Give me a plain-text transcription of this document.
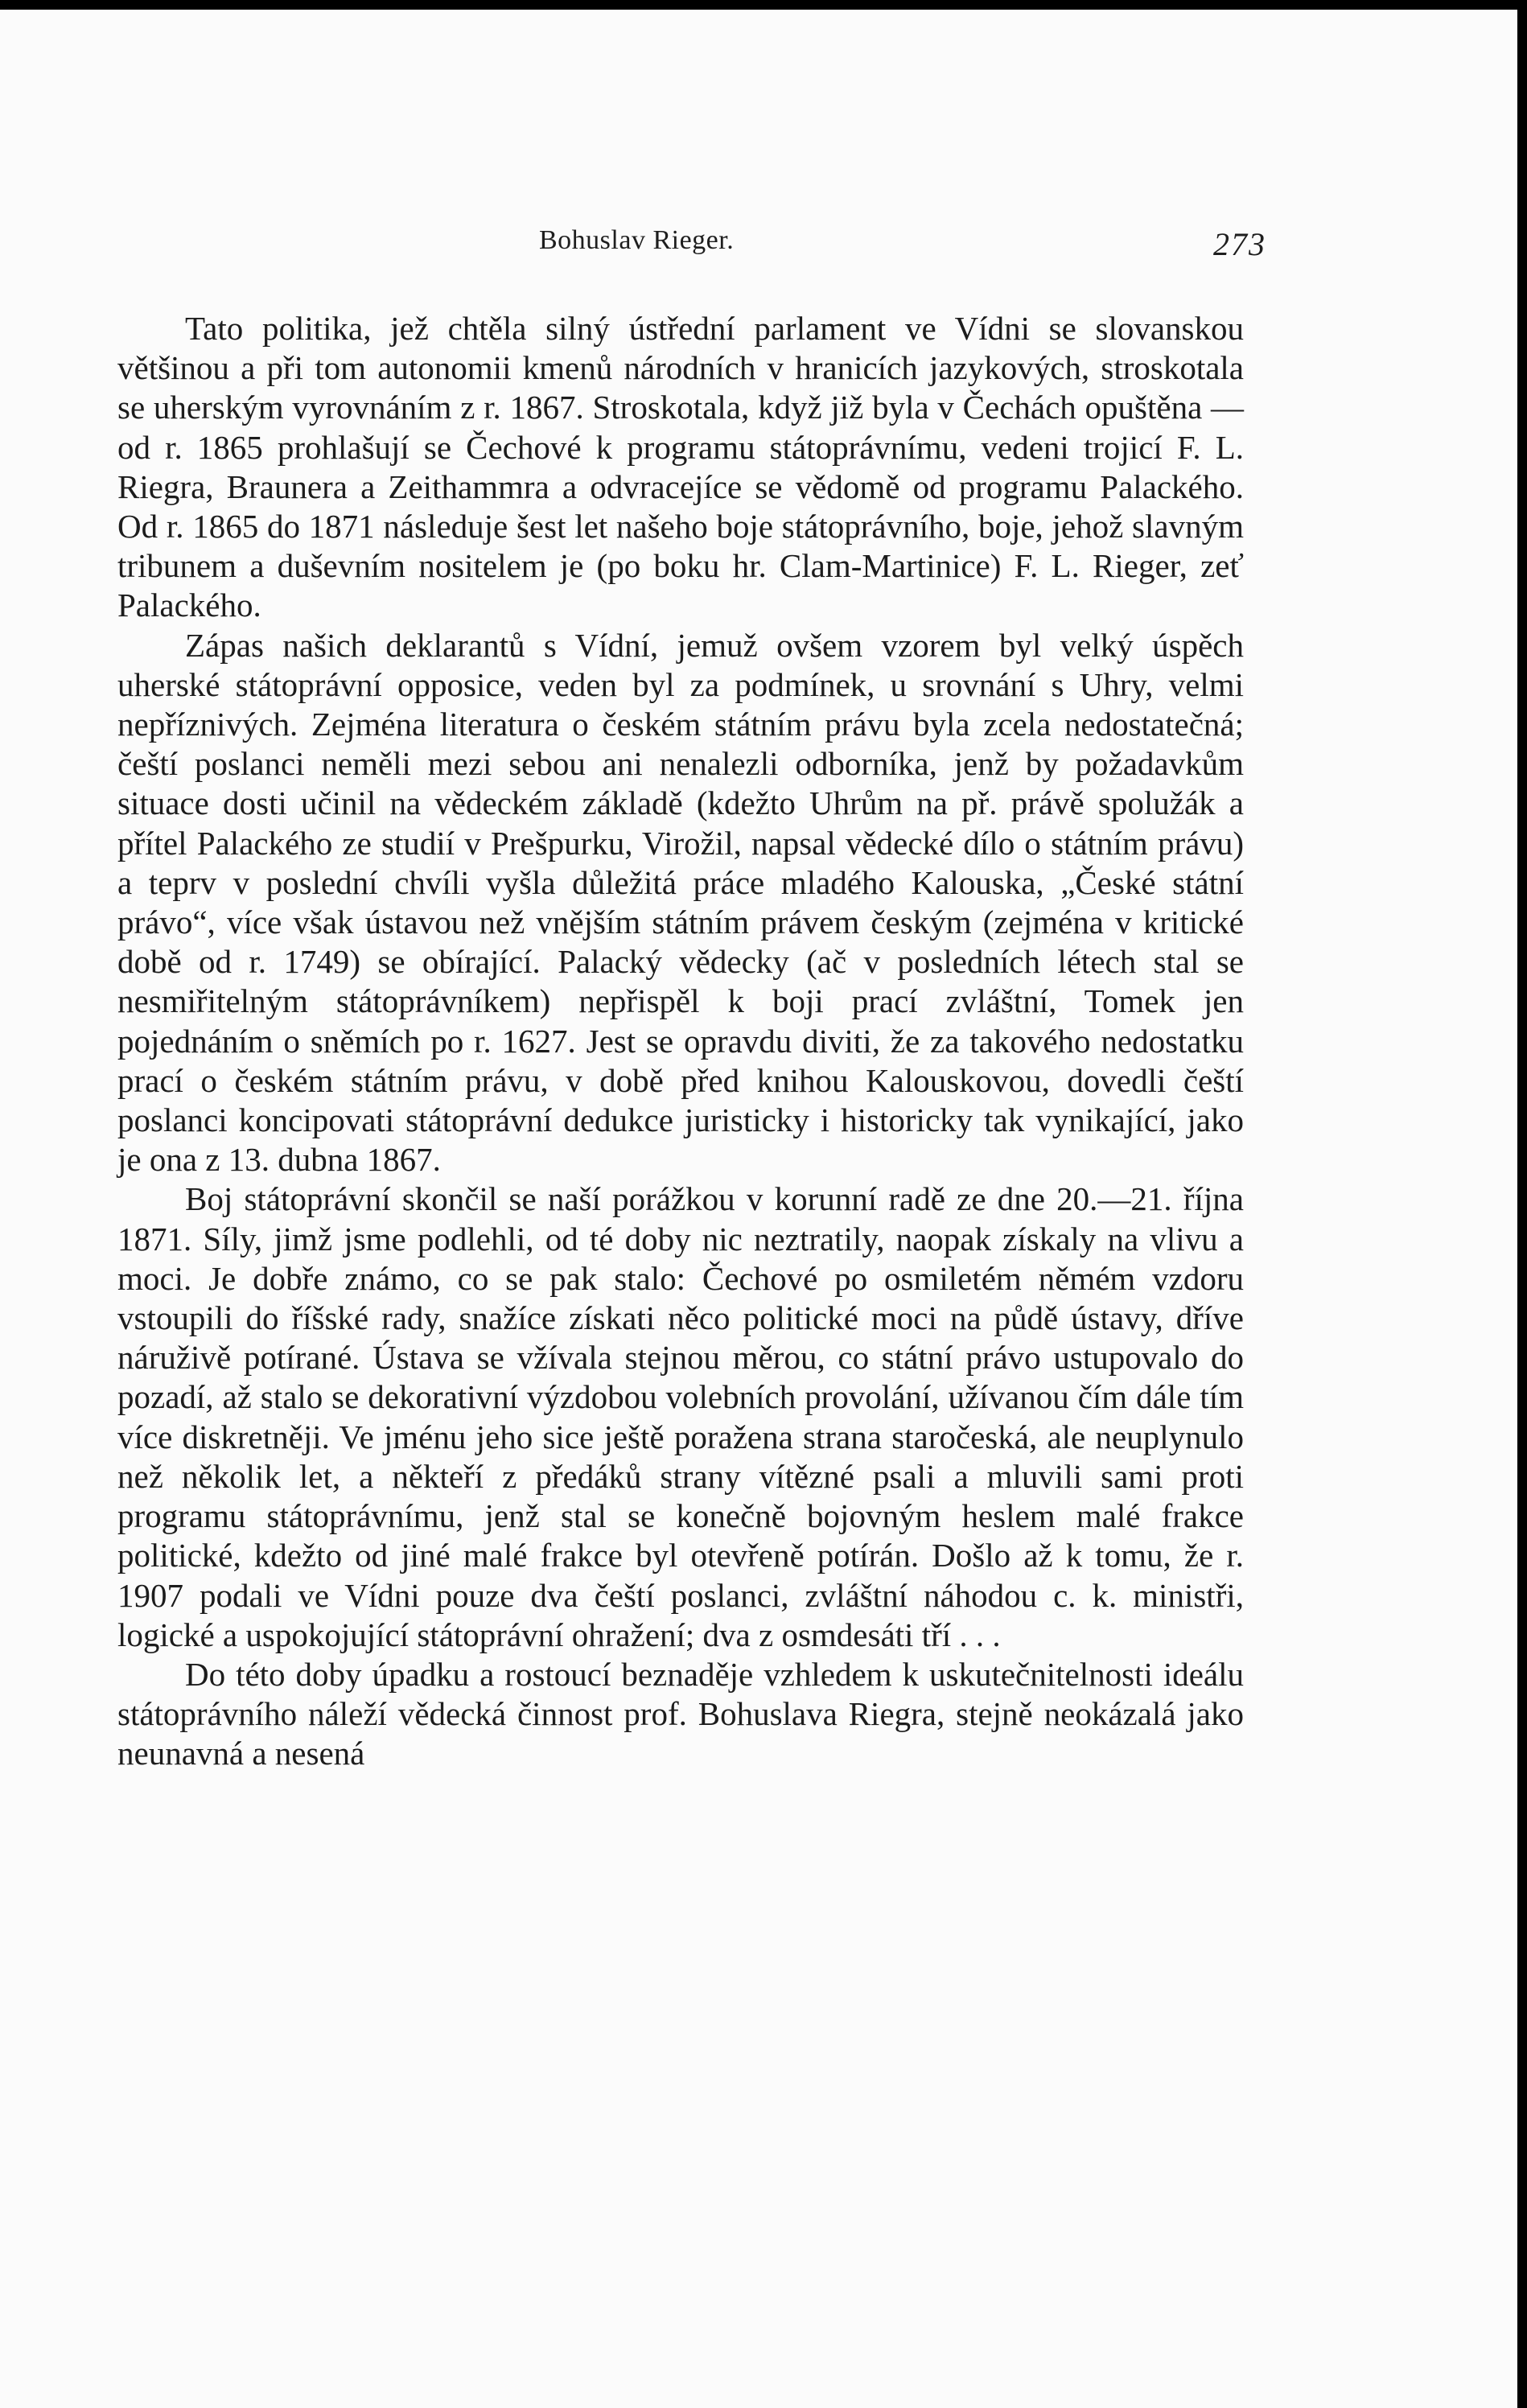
Bohuslav Rieger.	273

Tato politika, jež chtěla silný ústřední parlament ve Vídni se slovanskou většinou a při tom autonomii kmenů národních v hranicích jazykových, stroskotala se uherským vyrovnáním z r. 1867. Stroskotala, když již byla v Čechách opuštěna — od r. 1865 prohlašují se Čechové k programu státoprávnímu, vedeni trojicí F. L. Riegra, Braunera a Zeithammra a odvracejíce se vědomě od programu Palackého. Od r. 1865 do 1871 následuje šest let našeho boje státoprávního, boje, jehož slavným tribunem a duševním nositelem je (po boku hr. Clam-Martinice) F. L. Rieger, zeť Palackého.

Zápas našich deklarantů s Vídní, jemuž ovšem vzorem byl velký úspěch uherské státoprávní opposice, veden byl za podmínek, u srovnání s Uhry, velmi nepříznivých. Zejména literatura o českém státním právu byla zcela nedostatečná; čeští poslanci neměli mezi sebou ani nenalezli odborníka, jenž by požadavkům situace dosti učinil na vědeckém základě (kdežto Uhrům na př. právě spolužák a přítel Palackého ze studií v Prešpurku, Virožil, napsal vědecké dílo o státním právu) a teprv v poslední chvíli vyšla důležitá práce mladého Kalouska, „České státní právo“, více však ústavou než vnějším státním právem českým (zejména v kritické době od r. 1749) se obírající. Palacký vědecky (ač v posledních létech stal se nesmiřitelným státoprávníkem) nepřispěl k boji prací zvláštní, Tomek jen pojednáním o sněmích po r. 1627. Jest se opravdu diviti, že za takového nedostatku prací o českém státním právu, v době před knihou Kalouskovou, dovedli čeští poslanci koncipovati státoprávní dedukce juristicky i historicky tak vynikající, jako je ona z 13. dubna 1867.

Boj státoprávní skončil se naší porážkou v korunní radě ze dne 20.—21. října 1871. Síly, jimž jsme podlehli, od té doby nic neztratily, naopak získaly na vlivu a moci. Je dobře známo, co se pak stalo: Čechové po osmiletém němém vzdoru vstoupili do říšské rady, snažíce získati něco politické moci na půdě ústavy, dříve náruživě potírané. Ústava se vžívala stejnou měrou, co státní právo ustupovalo do pozadí, až stalo se dekorativní výzdobou volebních provolání, užívanou čím dále tím více diskretněji. Ve jménu jeho sice ještě poražena strana staročeská, ale neuplynulo než několik let, a někteří z předáků strany vítězné psali a mluvili sami proti programu státoprávnímu, jenž stal se konečně bojovným heslem malé frakce politické, kdežto od jiné malé frakce byl otevřeně potírán. Došlo až k tomu, že r. 1907 podali ve Vídni pouze dva čeští poslanci, zvláštní náhodou c. k. ministři, logické a uspokojující státoprávní ohražení; dva z osmdesáti tří . . .

Do této doby úpadku a rostoucí beznaděje vzhledem k uskutečnitelnosti ideálu státoprávního náleží vědecká činnost prof. Bohuslava Riegra, stejně neokázalá jako neunavná a nesená
